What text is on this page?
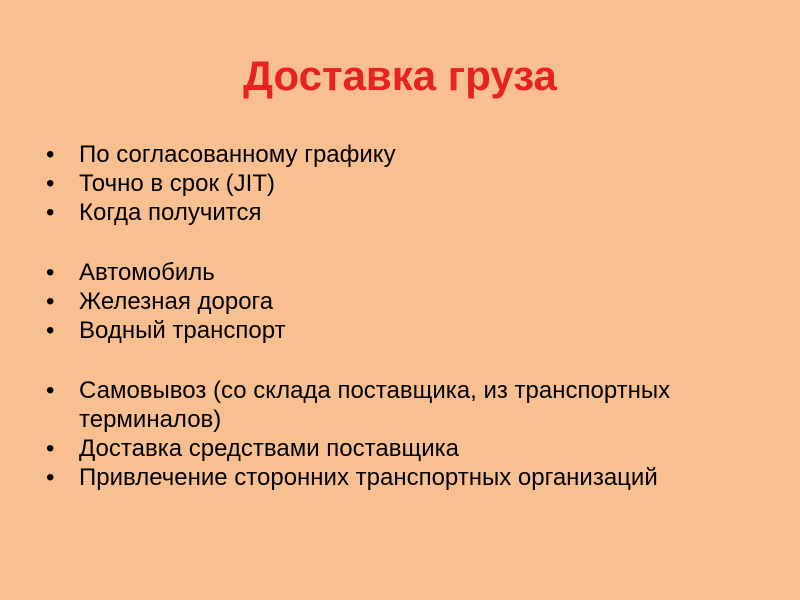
Доставка груза
•	По согласованному графику
•	Точно в срок (JIT)
•	Когда получится
•	Автомобиль
•	Железная дорога
•	Водный транспорт
•	Самовывоз (со склада поставщика, из транспортных терминалов)
•	Доставка средствами поставщика
•	Привлечение сторонних транспортных организаций
